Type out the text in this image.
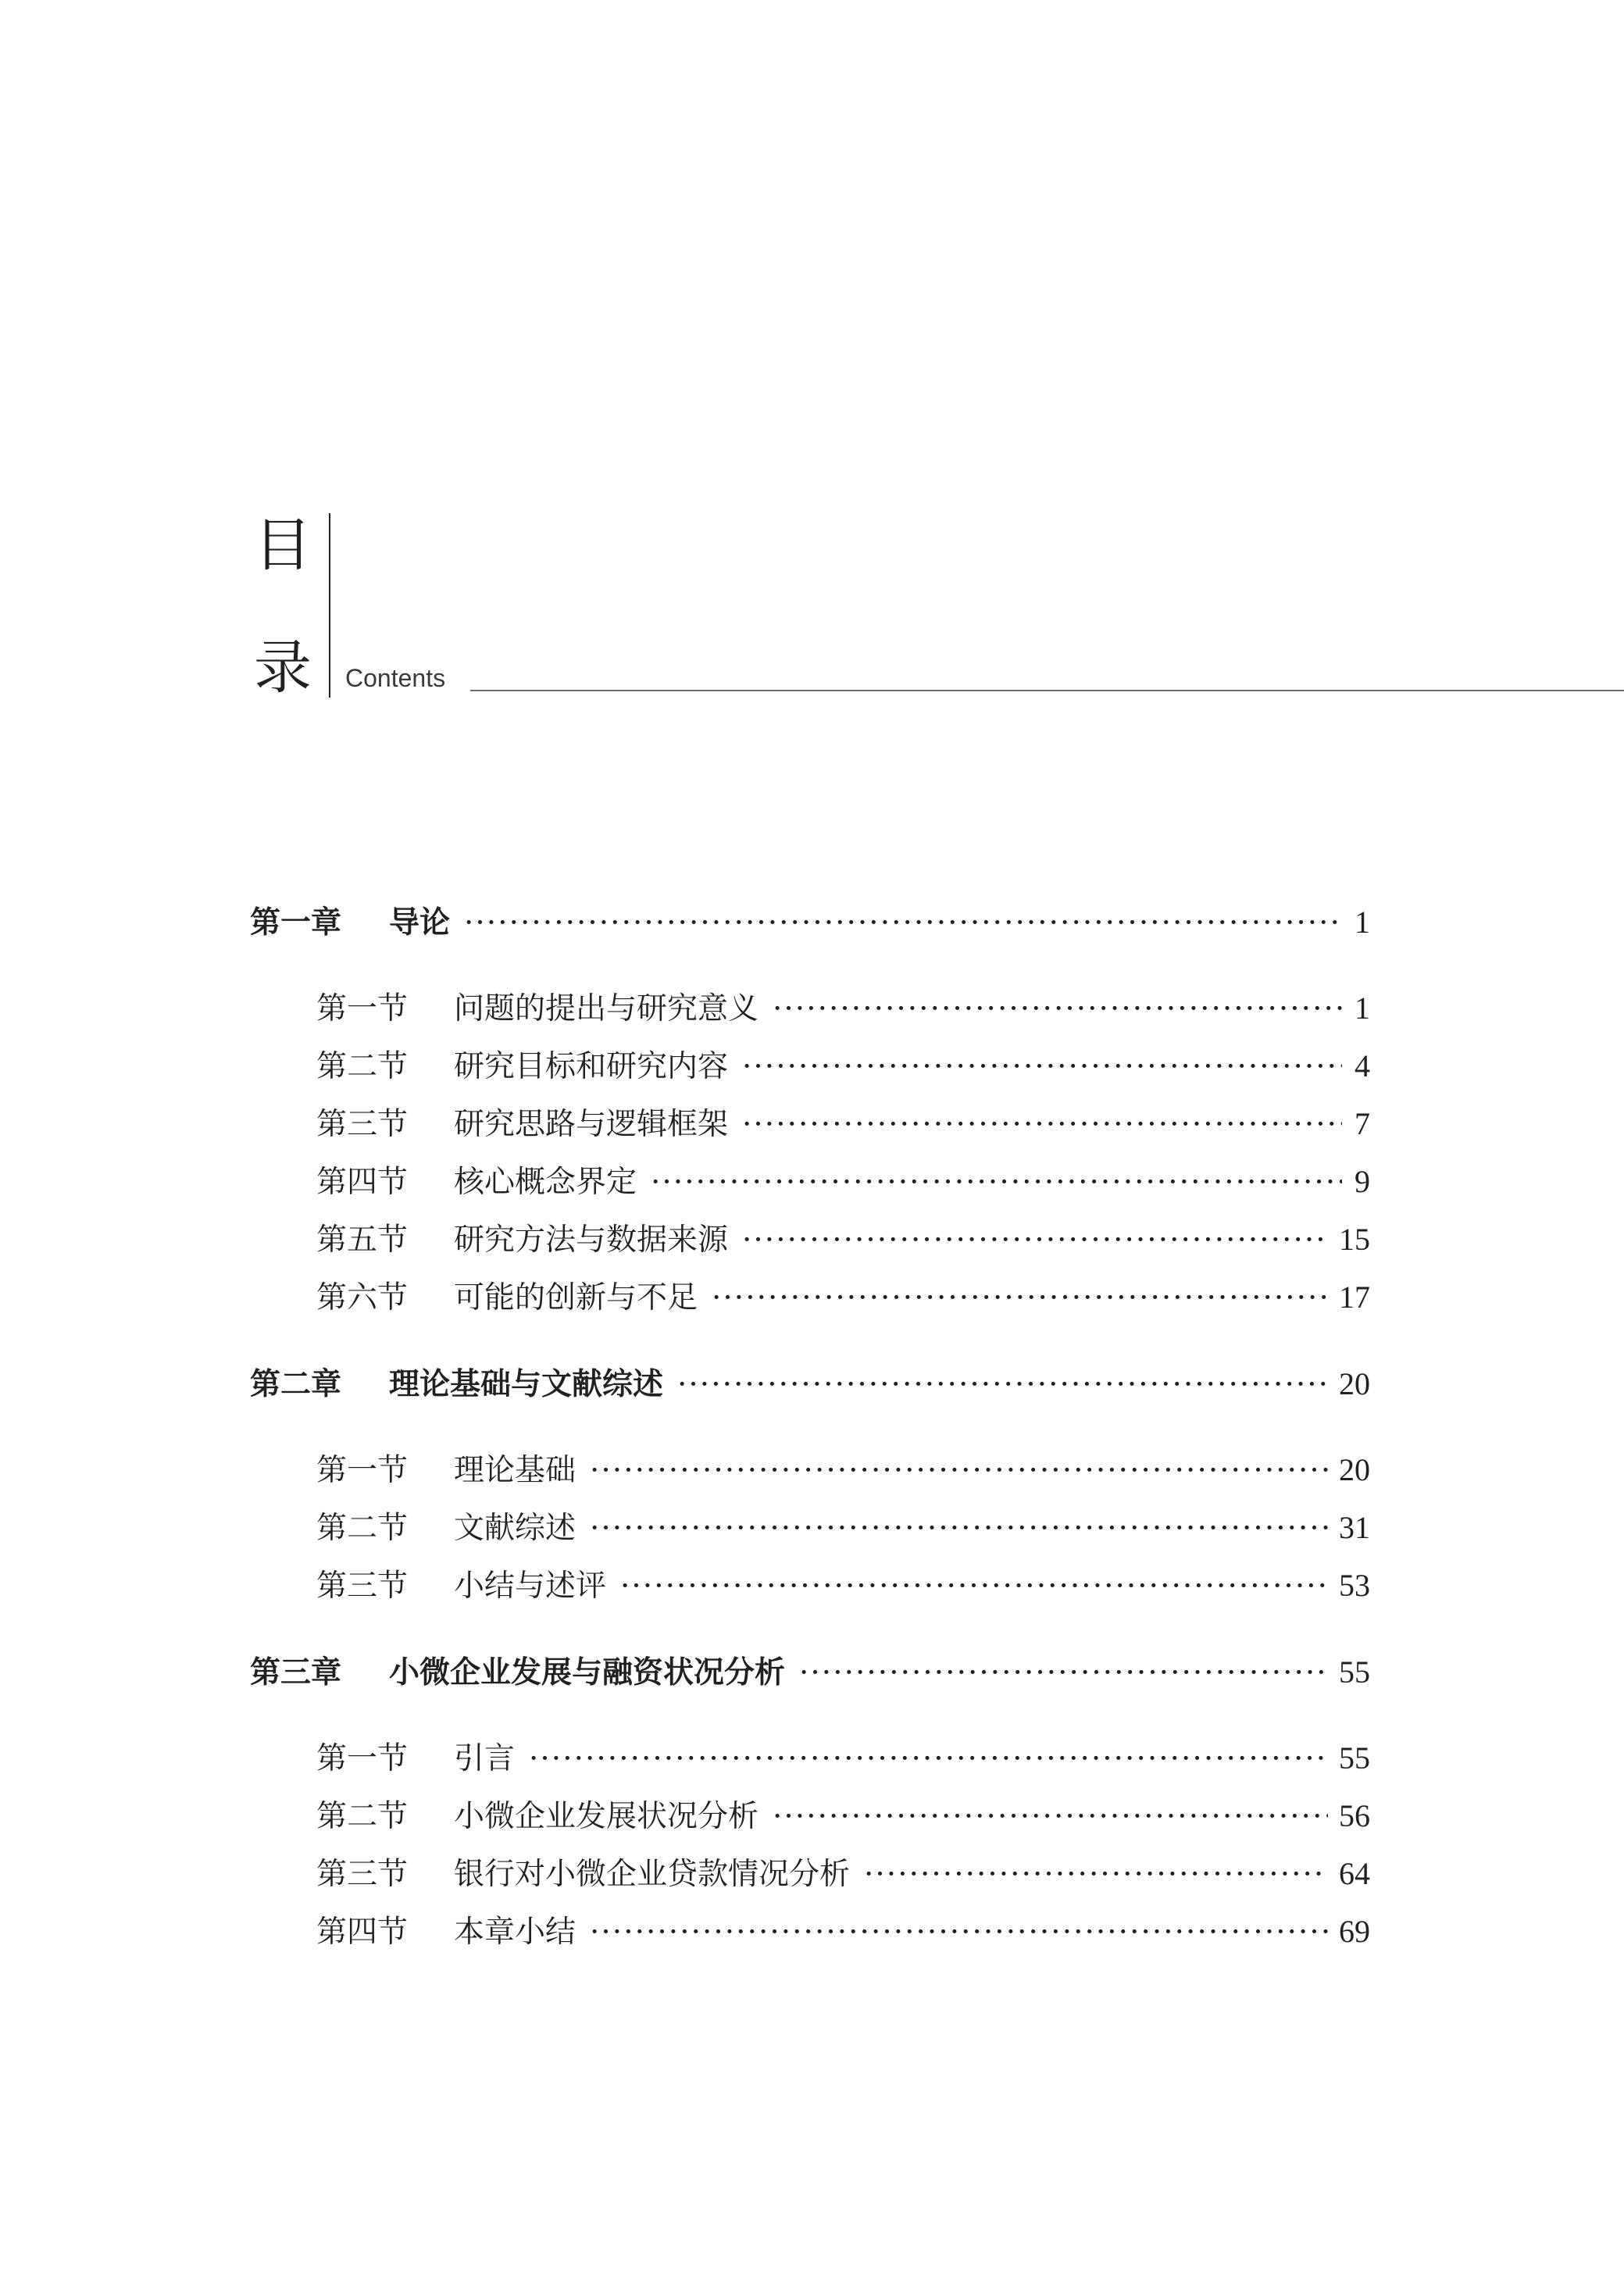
目
录 Contents
第一章	导论 ·····	1
第一节	问题的提出与研究意义 ·····	1
第二节	研究目标和研究内容 ·····	4
第三节	研究思路与逻辑框架 ·····	7
第四节	核心概念界定 ·····	9
第五节	研究方法与数据来源 ·····	15
第六节	可能的创新与不足 ·····	17
第二章	理论基础与文献综述 ·····	20
第一节	理论基础 ·····	20
第二节	文献综述 ·····	31
第三节	小结与述评 ·····	53
第三章	小微企业发展与融资状况分析 ·····	55
第一节	引言 ·····	55
第二节	小微企业发展状况分析 ·····	56
第三节	银行对小微企业贷款情况分析 ·····	64
第四节	本章小结 ·····	69
